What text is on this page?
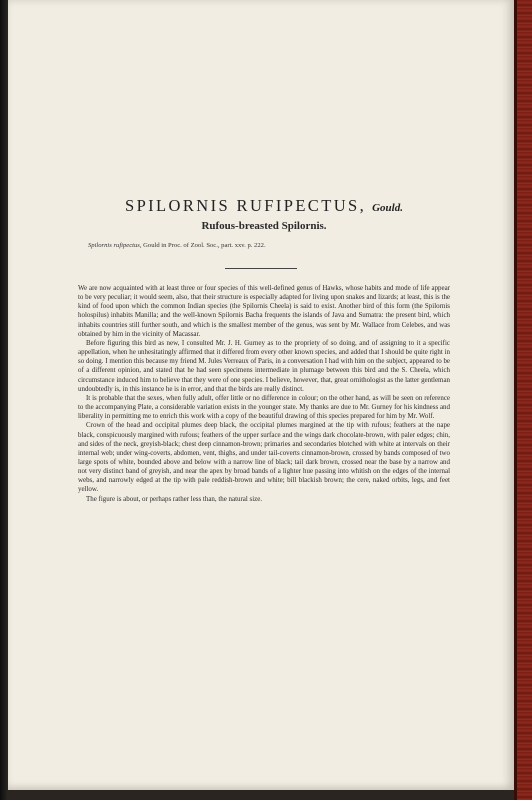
SPILORNIS RUFIPECTUS, Gould.
Rufous-breasted Spilornis.
Spilornis rufipectus, Gould in Proc. of Zool. Soc., part. xxv. p. 222.

We are now acquainted with at least three or four species of this well-defined genus of Hawks, whose habits and mode of life appear to be very peculiar; it would seem, also, that their structure is especially adapted for living upon snakes and lizards; at least, this is the kind of food upon which the common Indian species (the Spilornis Cheela) is said to exist. Another bird of this form (the Spilornis holospilus) inhabits Manilla; and the well-known Spilornis Bacha frequents the islands of Java and Sumatra: the present bird, which inhabits countries still further south, and which is the smallest member of the genus, was sent by Mr. Wallace from Celebes, and was obtained by him in the vicinity of Macassar.

Before figuring this bird as new, I consulted Mr. J. H. Gurney as to the propriety of so doing, and of assigning to it a specific appellation, when he unhesitatingly affirmed that it differed from every other known species, and added that I should be quite right in so doing. I mention this because my friend M. Jules Verreaux of Paris, in a conversation I had with him on the subject, appeared to be of a different opinion, and stated that he had seen specimens intermediate in plumage between this bird and the S. Cheela, which circumstance induced him to believe that they were of one species. I believe, however, that, great ornithologist as the latter gentleman undoubtedly is, in this instance he is in error, and that the birds are really distinct.

It is probable that the sexes, when fully adult, offer little or no difference in colour; on the other hand, as will be seen on reference to the accompanying Plate, a considerable variation exists in the younger state. My thanks are due to Mr. Gurney for his kindness and liberality in permitting me to enrich this work with a copy of the beautiful drawing of this species prepared for him by Mr. Wolf.

Crown of the head and occipital plumes deep black, the occipital plumes margined at the tip with rufous; feathers at the nape black, conspicuously margined with rufous; feathers of the upper surface and the wings dark chocolate-brown, with paler edges; chin, and sides of the neck, greyish-black; chest deep cinnamon-brown; primaries and secondaries blotched with white at intervals on their internal web; under wing-coverts, abdomen, vent, thighs, and under tail-coverts cinnamon-brown, crossed by bands composed of two large spots of white, bounded above and below with a narrow line of black; tail dark brown, crossed near the base by a narrow and not very distinct band of greyish, and near the apex by broad bands of a lighter hue passing into whitish on the edges of the internal webs, and narrowly edged at the tip with pale reddish-brown and white; bill blackish brown; the cere, naked orbits, legs, and feet yellow.

The figure is about, or perhaps rather less than, the natural size.
